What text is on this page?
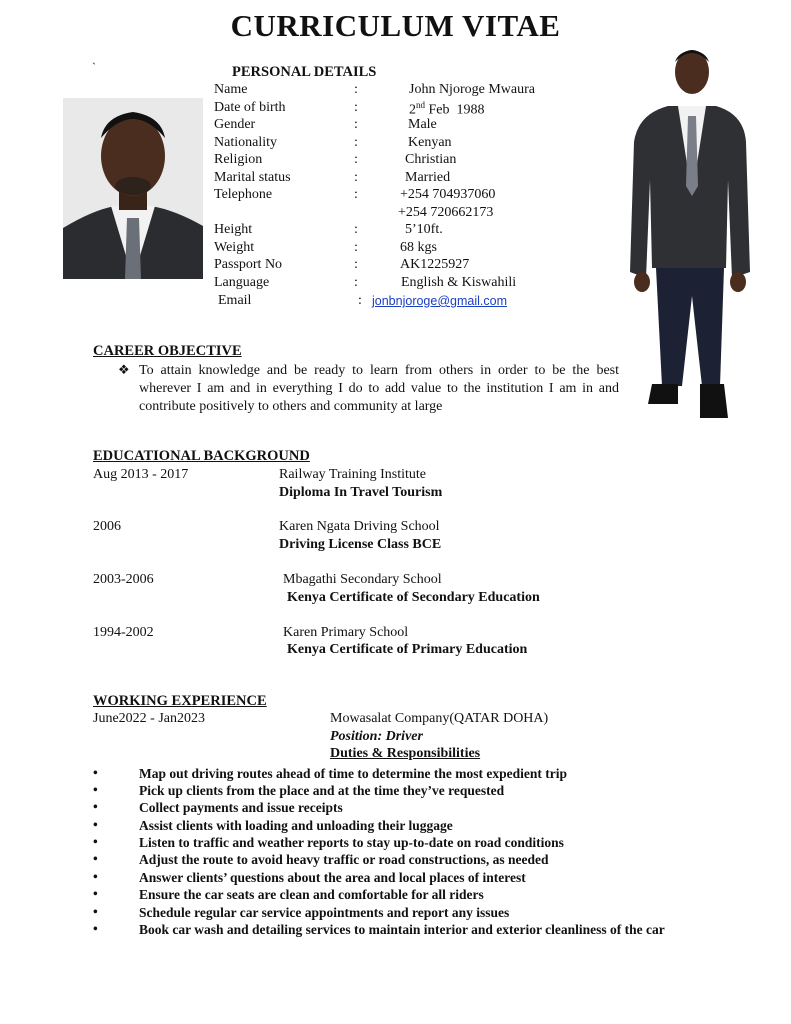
CURRICULUM VITAE
`	PERSONAL DETAILS
Name	:	John Njoroge Mwaura
Date of birth	:	2nd Feb  1988
Gender	:	Male
Nationality	:	Kenyan
Religion	:	Christian
Marital status	:	Married
Telephone	:	+254 704937060
+254 720662173
Height	:	5’10ft.
Weight	:	68 kgs
Passport No	:	AK1225927
Language	:	English & Kiswahili
Email	: jonbnjoroge@gmail.com
CAREER OBJECTIVE
❖ To attain knowledge and be ready to learn from others in order to be the best wherever I am and in everything I do to add value to the institution I am in and contribute positively to others and community at large
EDUCATIONAL BACKGROUND
Aug 2013 - 2017	Railway Training Institute
Diploma In Travel Tourism
2006	Karen Ngata Driving School
Driving License Class BCE
2003-2006	Mbagathi Secondary School
Kenya Certificate of Secondary Education
1994-2002	Karen Primary School
Kenya Certificate of Primary Education
WORKING EXPERIENCE
June2022 - Jan2023	Mowasalat Company(QATAR DOHA)
Position: Driver
Duties & Responsibilities
•	Map out driving routes ahead of time to determine the most expedient trip
•	Pick up clients from the place and at the time they’ve requested
•	Collect payments and issue receipts
•	Assist clients with loading and unloading their luggage
•	Listen to traffic and weather reports to stay up-to-date on road conditions
•	Adjust the route to avoid heavy traffic or road constructions, as needed
•	Answer clients’ questions about the area and local places of interest
•	Ensure the car seats are clean and comfortable for all riders
•	Schedule regular car service appointments and report any issues
•	Book car wash and detailing services to maintain interior and exterior cleanliness of the car
